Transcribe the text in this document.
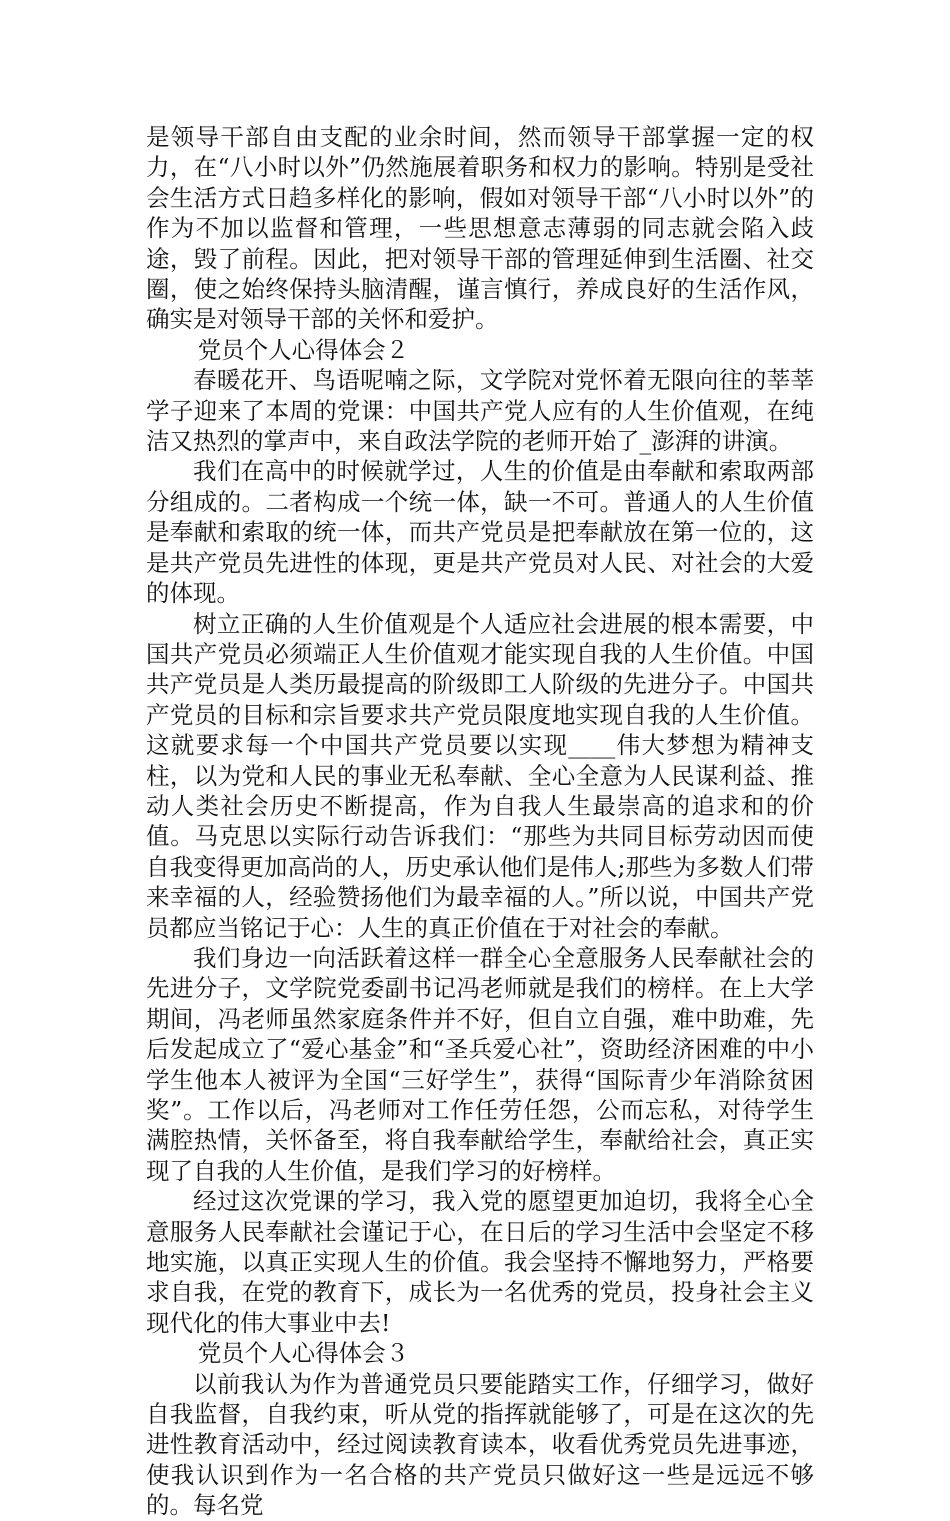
是领导干部自由支配的业余时间，然而领导干部掌握一定的权力，在“八小时以外”仍然施展着职务和权力的影响。特别是受社会生活方式日趋多样化的影响，假如对领导干部“八小时以外”的作为不加以监督和管理，一些思想意志薄弱的同志就会陷入歧途，毁了前程。因此，把对领导干部的管理延伸到生活圈、社交圈，使之始终保持头脑清醒，谨言慎行，养成良好的生活作风，确实是对领导干部的关怀和爱护。

党员个人心得体会２

春暖花开、鸟语呢喃之际，文学院对党怀着无限向往的莘莘学子迎来了本周的党课：中国共产党人应有的人生价值观，在纯洁又热烈的掌声中，来自政法学院的老师开始了_澎湃的讲演。

我们在高中的时候就学过，人生的价值是由奉献和索取两部分组成的。二者构成一个统一体，缺一不可。普通人的人生价值是奉献和索取的统一体，而共产党员是把奉献放在第一位的，这是共产党员先进性的体现，更是共产党员对人民、对社会的大爱的体现。

树立正确的人生价值观是个人适应社会进展的根本需要，中国共产党员必须端正人生价值观才能实现自我的人生价值。中国共产党员是人类历最提高的阶级即工人阶级的先进分子。中国共产党员的目标和宗旨要求共产党员限度地实现自我的人生价值。这就要求每一个中国共产党员要以实现____伟大梦想为精神支柱，以为党和人民的事业无私奉献、全心全意为人民谋利益、推动人类社会历史不断提高，作为自我人生最崇高的追求和的价值。马克思以实际行动告诉我们：“那些为共同目标劳动因而使自我变得更加高尚的人，历史承认他们是伟人;那些为多数人们带来幸福的人，经验赞扬他们为最幸福的人。”所以说，中国共产党员都应当铭记于心：人生的真正价值在于对社会的奉献。

我们身边一向活跃着这样一群全心全意服务人民奉献社会的先进分子，文学院党委副书记冯老师就是我们的榜样。在上大学期间，冯老师虽然家庭条件并不好，但自立自强，难中助难，先后发起成立了“爱心基金”和“圣兵爱心社”，资助经济困难的中小学生他本人被评为全国“三好学生”，获得“国际青少年消除贫困奖”。工作以后，冯老师对工作任劳任怨，公而忘私，对待学生满腔热情，关怀备至，将自我奉献给学生，奉献给社会，真正实现了自我的人生价值，是我们学习的好榜样。

经过这次党课的学习，我入党的愿望更加迫切，我将全心全意服务人民奉献社会谨记于心，在日后的学习生活中会坚定不移地实施，以真正实现人生的价值。我会坚持不懈地努力，严格要求自我，在党的教育下，成长为一名优秀的党员，投身社会主义现代化的伟大事业中去!

党员个人心得体会３

以前我认为作为普通党员只要能踏实工作，仔细学习，做好自我监督，自我约束，听从党的指挥就能够了，可是在这次的先进性教育活动中，经过阅读教育读本，收看优秀党员先进事迹，使我认识到作为一名合格的共产党员只做好这一些是远远不够的。每名党
